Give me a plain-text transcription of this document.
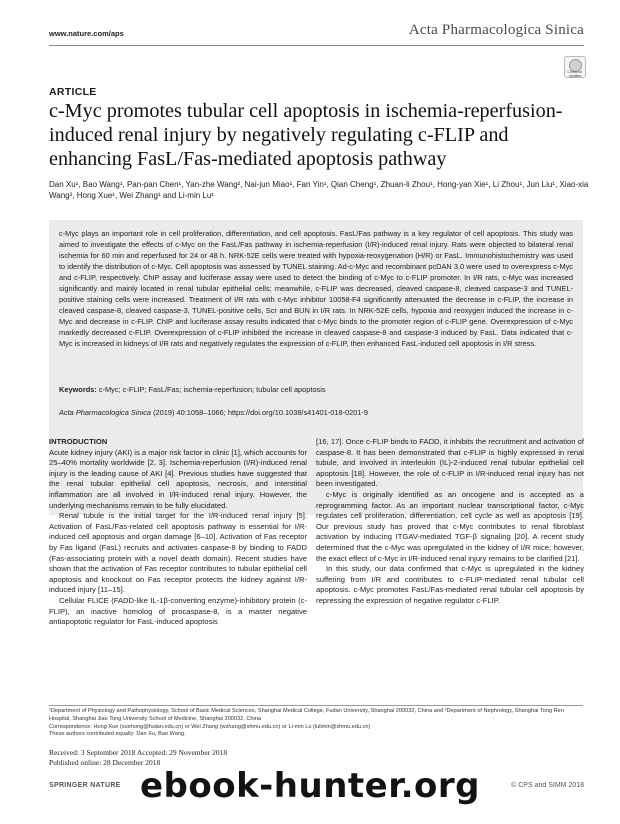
www.nature.com/aps	Acta Pharmacologica Sinica
Check for updates
ARTICLE
c-Myc promotes tubular cell apoptosis in ischemia-reperfusion-induced renal injury by negatively regulating c-FLIP and enhancing FasL/Fas-mediated apoptosis pathway
Dan Xu¹, Bao Wang¹, Pan-pan Chen¹, Yan-zhe Wang², Nai-jun Miao¹, Fan Yin¹, Qian Cheng¹, Zhuan-li Zhou¹, Hong-yan Xie¹, Li Zhou¹, Jun Liu¹, Xiao-xia Wang², Hong Xue¹, Wei Zhang¹ and Li-min Lu¹
c-Myc plays an important role in cell proliferation, differentiation, and cell apoptosis. FasL/Fas pathway is a key regulator of cell apoptosis. This study was aimed to investigate the effects of c-Myc on the FasL/Fas pathway in ischemia-reperfusion (I/R)-induced renal injury. Rats were objected to bilateral renal ischemia for 60 min and reperfused for 24 or 48 h. NRK-52E cells were treated with hypoxia-reoxygenation (H/R) or FasL. Immunohistochemistry was used to identify the distribution of c-Myc. Cell apoptosis was assessed by TUNEL staining. Ad-c-Myc and recombinant pcDAN 3.0 were used to overexpress c-Myc and c-FLIP, respectively. ChIP assay and luciferase assay were used to detect the binding of c-Myc to c-FLIP promoter. In I/R rats, c-Myc was increased significantly and mainly located in renal tubular epithelial cells; meanwhile, c-FLIP was decreased, cleaved caspase-8, cleaved caspase-3 and TUNEL-positive staining cells were increased. Treatment of I/R rats with c-Myc inhibitor 10058-F4 significantly attenuated the decrease in c-FLIP, the increase in cleaved caspase-8, cleaved caspase-3, TUNEL-positive cells, Scr and BUN in I/R rats. In NRK-52E cells, hypoxia and reoxygen induced the increase in c-Myc and decrease in c-FLIP. ChIP and luciferase assay results indicated that c-Myc binds to the promoter region of c-FLIP gene. Overexpression of c-Myc markedly decreased c-FLIP. Overexpression of c-FLIP inhibited the increase in cleaved caspase-8 and caspase-3 induced by FasL. Data indicated that c-Myc is increased in kidneys of I/R rats and negatively regulates the expression of c-FLIP, then enhanced FasL-induced cell apoptosis in I/R stress.
Keywords: c-Myc; c-FLIP; FasL/Fas; ischemia-reperfusion; tubular cell apoptosis
Acta Pharmacologica Sinica (2019) 40:1058–1066; https://doi.org/10.1038/s41401-018-0201-9
INTRODUCTION

Acute kidney injury (AKI) is a major risk factor in clinic [1], which accounts for 25–40% mortality worldwide [2, 3]. Ischemia-reperfusion (I/R)-induced renal injury is the leading cause of AKI [4]. Previous studies have suggested that the renal tubular epithelial cell apoptosis, necrosis, and interstitial inflammation are all involved in I/R-induced renal injury. However, the underlying mechanisms remain to be fully elucidated.

Renal tubule is the initial target for the I/R-induced renal injury [5]. Activation of FasL/Fas-related cell apoptosis pathway is essential for I/R-induced cell apoptosis and organ damage [6–10]. Activation of Fas receptor by Fas ligand (FasL) recruits and activates caspase-8 by binding to FADD (Fas-associating protein with a novel death domain). Recent studies have shown that the activation of Fas receptor contributes to tubular epithelial cell apoptosis and knockout on Fas receptor protects the kidney against I/R-induced injury [11–15].

Cellular FLICE (FADD-like IL-1β-converting enzyme)-inhibitory protein (c-FLIP), an inactive homolog of procaspase-8, is a master negative antiapoptotic regulator for FasL-induced apoptosis

[16, 17]. Once c-FLIP binds to FADD, it inhibits the recruitment and activation of caspase-8. It has been demonstrated that c-FLIP is highly expressed in renal tubule, and involved in interleukin (IL)-2-induced renal tubular epithelial cell apoptosis [18]. However, the role of c-FLIP in I/R-induced renal injury has not been investigated.

c-Myc is originally identified as an oncogene and is accepted as a reprogramming factor. As an important nuclear transcriptional factor, c-Myc regulates cell proliferation, differentiation, cell cycle as well as apoptosis [19]. Our previous study has proved that c-Myc contributes to renal fibroblast activation by inducing ITGAV-mediated TGF-β signaling [20]. A recent study determined that the c-Myc was upregulated in the kidney of I/R mice; however, the exact effect of c-Myc in I/R-induced renal injury remains to be clarified [21].

In this study, our data confirmed that c-Myc is upregulated in the kidney suffering from I/R and contributes to c-FLIP-mediated renal tubular cell apoptosis. c-Myc promotes FasL/Fas-mediated renal tubular cell apoptosis by repressing the expression of negative regulator c-FLIP.

¹Department of Physiology and Pathophysiology, School of Basic Medical Sciences, Shanghai Medical College, Fudan University, Shanghai 200032, China and ²Department of Nephrology, Shanghai Tong Ren Hospital, Shanghai Jiao Tong University School of Medicine, Shanghai 200032, China
Correspondence: Hong Xue (xuehong@fudan.edu.cn) or Wei Zhang (wzhang@shmu.edu.cn) or Li-min Lu (lulimin@shmu.edu.cn)
These authors contributed equally: Dan Xu, Bao Wang.
Received: 3 September 2018 Accepted: 29 November 2018
Published online: 28 December 2018
SPRINGER NATURE	© CPS and SIMM 2018
ebook-hunter.org
